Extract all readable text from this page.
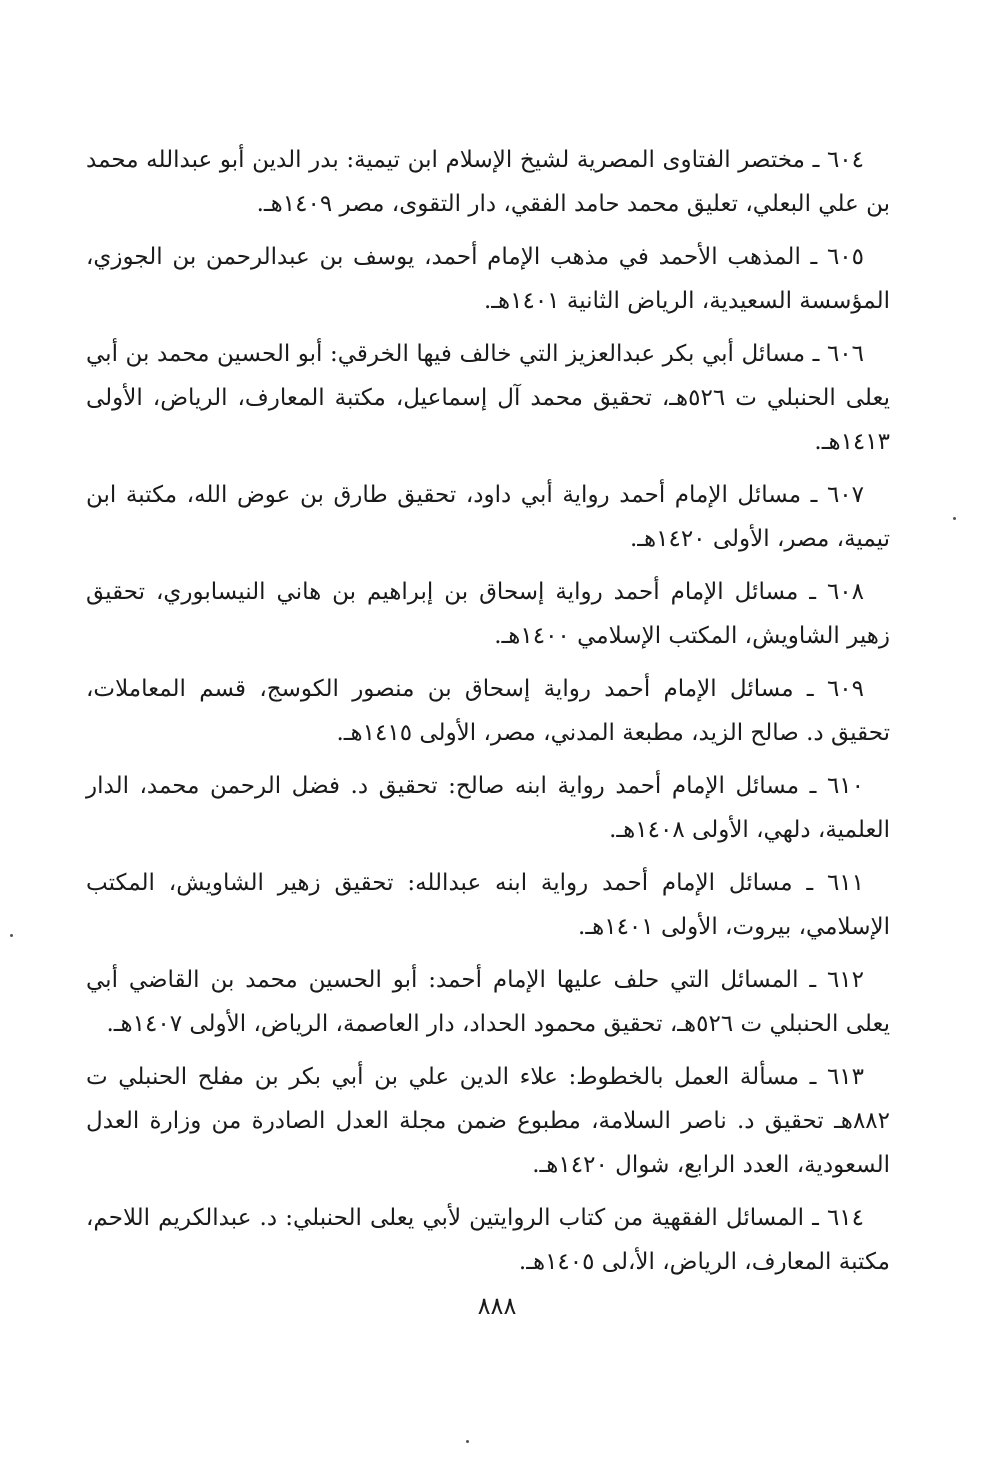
٦٠٤ ـ مختصر الفتاوى المصرية لشيخ الإسلام ابن تيمية: بدر الدين أبو عبدالله محمد بن علي البعلي، تعليق محمد حامد الفقي، دار التقوى، مصر ١٤٠٩هـ.

٦٠٥ ـ المذهب الأحمد في مذهب الإمام أحمد، يوسف بن عبدالرحمن بن الجوزي، المؤسسة السعيدية، الرياض الثانية ١٤٠١هـ.

٦٠٦ ـ مسائل أبي بكر عبدالعزيز التي خالف فيها الخرقي: أبو الحسين محمد بن أبي يعلى الحنبلي ت ٥٢٦هـ، تحقيق محمد آل إسماعيل، مكتبة المعارف، الرياض، الأولى ١٤١٣هـ.

٦٠٧ ـ مسائل الإمام أحمد رواية أبي داود، تحقيق طارق بن عوض الله، مكتبة ابن تيمية، مصر، الأولى ١٤٢٠هـ.

٦٠٨ ـ مسائل الإمام أحمد رواية إسحاق بن إبراهيم بن هاني النيسابوري، تحقيق زهير الشاويش، المكتب الإسلامي ١٤٠٠هـ.

٦٠٩ ـ مسائل الإمام أحمد رواية إسحاق بن منصور الكوسج، قسم المعاملات، تحقيق د. صالح الزيد، مطبعة المدني، مصر، الأولى ١٤١٥هـ.

٦١٠ ـ مسائل الإمام أحمد رواية ابنه صالح: تحقيق د. فضل الرحمن محمد، الدار العلمية، دلهي، الأولى ١٤٠٨هـ.

٦١١ ـ مسائل الإمام أحمد رواية ابنه عبدالله: تحقيق زهير الشاويش، المكتب الإسلامي، بيروت، الأولى ١٤٠١هـ.

٦١٢ ـ المسائل التي حلف عليها الإمام أحمد: أبو الحسين محمد بن القاضي أبي يعلى الحنبلي ت ٥٢٦هـ، تحقيق محمود الحداد، دار العاصمة، الرياض، الأولى ١٤٠٧هـ.

٦١٣ ـ مسألة العمل بالخطوط: علاء الدين علي بن أبي بكر بن مفلح الحنبلي ت ٨٨٢هـ تحقيق د. ناصر السلامة، مطبوع ضمن مجلة العدل الصادرة من وزارة العدل السعودية، العدد الرابع، شوال ١٤٢٠هـ.

٦١٤ ـ المسائل الفقهية من كتاب الروايتين لأبي يعلى الحنبلي: د. عبدالكريم اللاحم، مكتبة المعارف، الرياض، الأ،لى ١٤٠٥هـ.

٨٨٨
